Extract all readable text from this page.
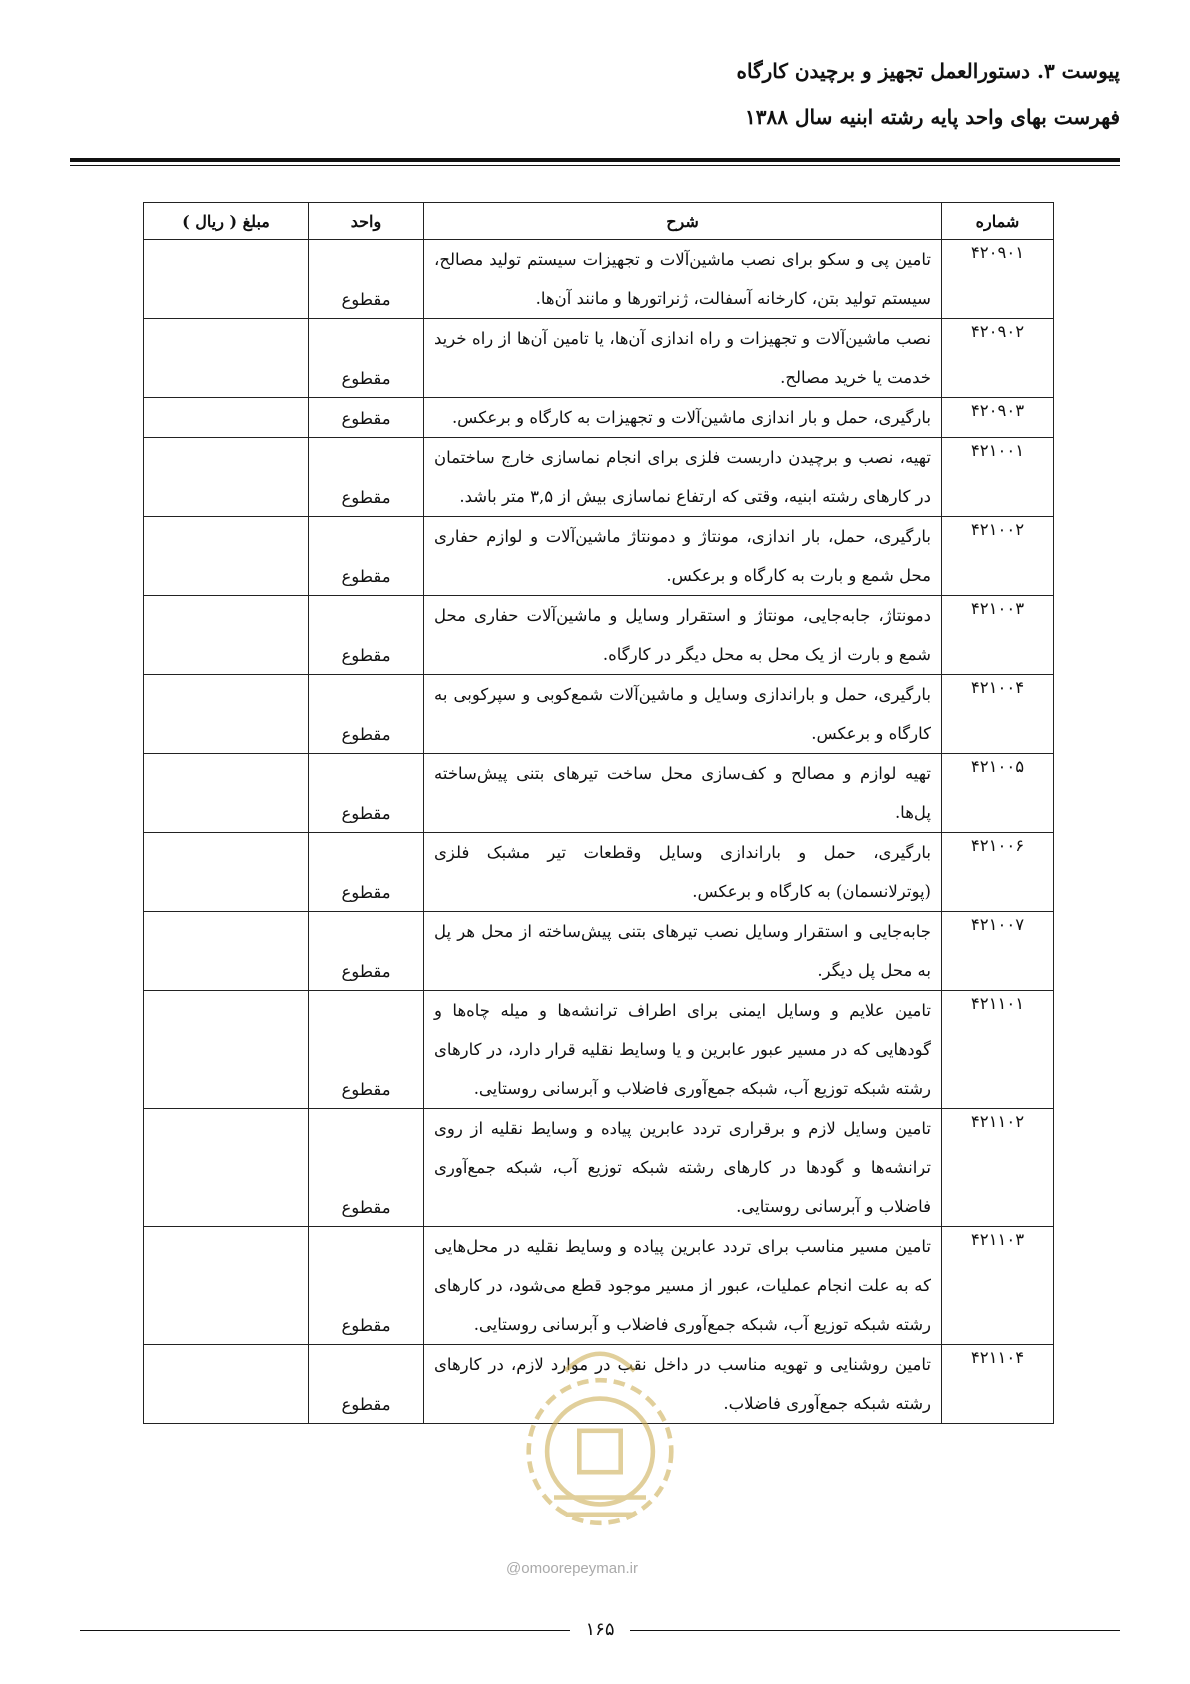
پیوست ۳. دستورالعمل تجهیز و برچیدن کارگاه
فهرست بهای واحد پایه رشته ابنیه سال ۱۳۸۸
شماره	شرح	واحد	مبلغ ( ریال )
۴۲۰۹۰۱	تامین پی و سکو برای نصب ماشین‌آلات و تجهیزات سیستم تولید مصالح، سیستم تولید بتن، کارخانه آسفالت، ژنراتورها و مانند آن‌ها.	مقطوع	
۴۲۰۹۰۲	نصب ماشین‌آلات و تجهیزات و راه اندازی آن‌ها، یا تامین آن‌ها از راه خرید خدمت یا خرید مصالح.	مقطوع	
۴۲۰۹۰۳	بارگیری، حمل و بار اندازی ماشین‌آلات و تجهیزات به کارگاه و برعکس.	مقطوع	
۴۲۱۰۰۱	تهیه، نصب و برچیدن داربست فلزی برای انجام نماسازی خارج ساختمان در کارهای رشته ابنیه، وقتی که ارتفاع نماسازی بیش از ۳,۵ متر باشد.	مقطوع	
۴۲۱۰۰۲	بارگیری، حمل، بار اندازی، مونتاژ و دمونتاژ ماشین‌آلات و لوازم حفاری محل شمع و بارت به کارگاه و برعکس.	مقطوع	
۴۲۱۰۰۳	دمونتاژ، جابه‌جایی، مونتاژ و استقرار وسایل و ماشین‌آلات حفاری محل شمع و بارت از یک محل به محل دیگر در کارگاه.	مقطوع	
۴۲۱۰۰۴	بارگیری، حمل و باراندازی وسایل و ماشین‌آلات شمع‌کوبی و سپرکوبی به کارگاه و برعکس.	مقطوع	
۴۲۱۰۰۵	تهیه لوازم و مصالح و کف‌سازی محل ساخت تیرهای بتنی پیش‌ساخته پل‌ها.	مقطوع	
۴۲۱۰۰۶	بارگیری، حمل و باراندازی وسایل وقطعات تیر مشبک فلزی (پوترلانسمان) به کارگاه و برعکس.	مقطوع	
۴۲۱۰۰۷	جابه‌جایی و استقرار وسایل نصب تیرهای بتنی پیش‌ساخته از محل هر پل به محل پل دیگر.	مقطوع	
۴۲۱۱۰۱	تامین علایم و وسایل ایمنی برای اطراف ترانشه‌ها و میله چاه‌ها و گودهایی که در مسیر عبور عابرین و یا وسایط نقلیه قرار دارد، در کارهای رشته شبکه توزیع آب، شبکه جمع‌آوری فاضلاب و آبرسانی روستایی.	مقطوع	
۴۲۱۱۰۲	تامین وسایل لازم و برقراری تردد عابرین پیاده و وسایط نقلیه از روی ترانشه‌ها و گودها در کارهای رشته شبکه توزیع آب، شبکه جمع‌آوری فاضلاب و آبرسانی روستایی.	مقطوع	
۴۲۱۱۰۳	تامین مسیر مناسب برای تردد عابرین پیاده و وسایط نقلیه در محل‌هایی که به علت انجام عملیات، عبور از مسیر موجود قطع می‌شود، در کارهای رشته شبکه توزیع آب، شبکه جمع‌آوری فاضلاب و آبرسانی روستایی.	مقطوع	
۴۲۱۱۰۴	تامین روشنایی و تهویه مناسب در داخل نقب در موارد لازم، در کارهای رشته شبکه جمع‌آوری فاضلاب.	مقطوع	
@omoorepeyman.ir
۱۶۵
